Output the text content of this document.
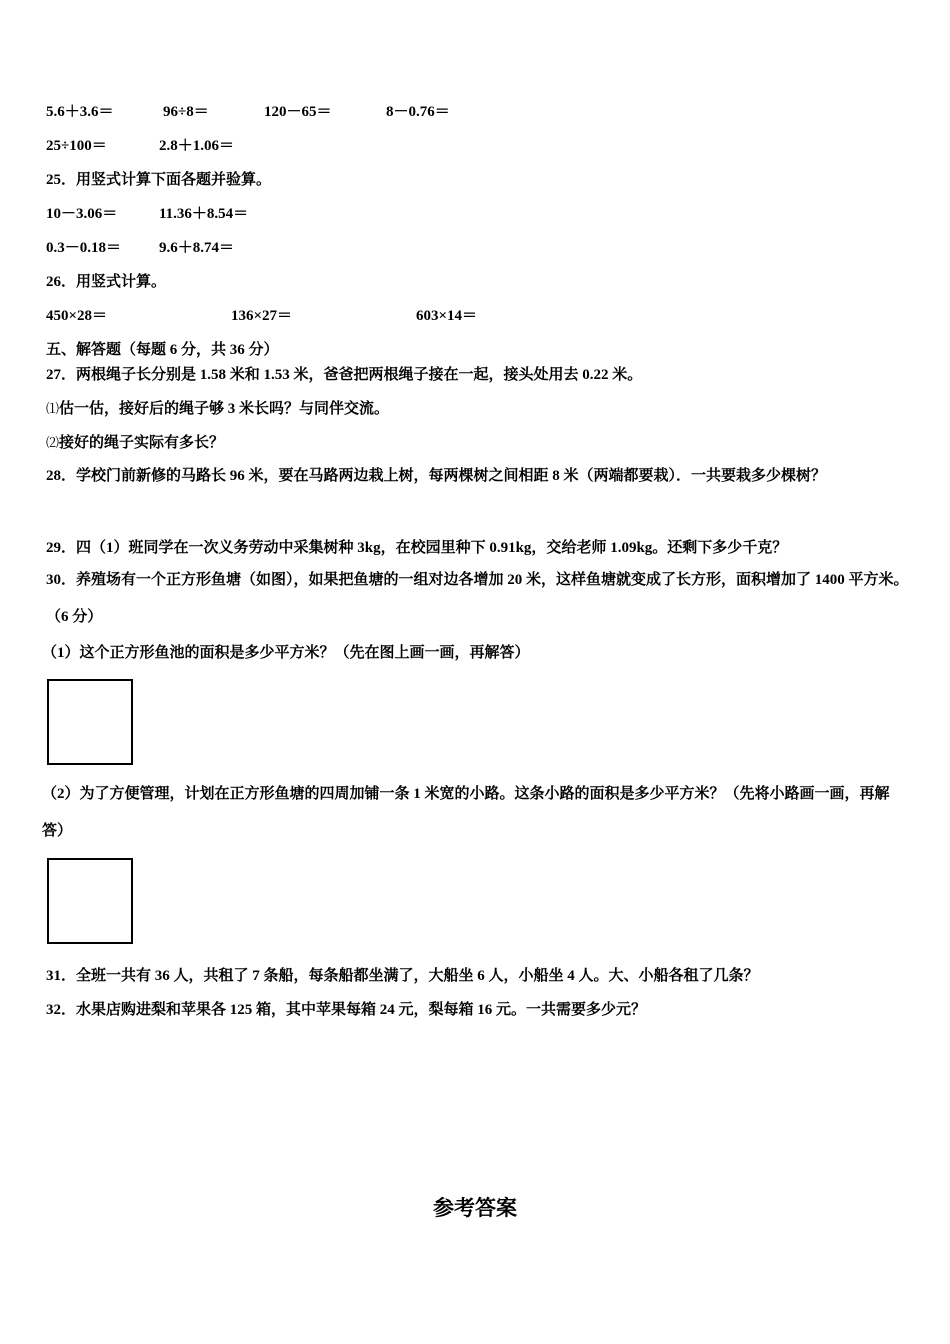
5.6＋3.6＝	96÷8＝	120－65＝	8－0.76＝
25÷100＝	2.8＋1.06＝
25．用竖式计算下面各题并验算。
10－3.06＝	11.36＋8.54＝
0.3－0.18＝	9.6＋8.74＝
26．用竖式计算。
450×28＝	136×27＝	603×14＝
五、解答题（每题 6 分，共 36 分）
27．两根绳子长分别是 1.58 米和 1.53 米，爸爸把两根绳子接在一起，接头处用去 0.22 米。
⑴估一估，接好后的绳子够 3 米长吗？与同伴交流。
⑵接好的绳子实际有多长？
28．学校门前新修的马路长 96 米，要在马路两边栽上树，每两棵树之间相距 8 米（两端都要栽）．一共要栽多少棵树？
29．四（1）班同学在一次义务劳动中采集树种 3kg，在校园里种下 0.91kg，交给老师 1.09kg。还剩下多少千克？
30．养殖场有一个正方形鱼塘（如图），如果把鱼塘的一组对边各增加 20 米，这样鱼塘就变成了长方形，面积增加了 1400 平方米。（6 分）
（1）这个正方形鱼池的面积是多少平方米？（先在图上画一画，再解答）
（2）为了方便管理，计划在正方形鱼塘的四周加铺一条 1 米宽的小路。这条小路的面积是多少平方米？（先将小路画一画，再解答）
31．全班一共有 36 人，共租了 7 条船，每条船都坐满了，大船坐 6 人，小船坐 4 人。大、小船各租了几条？
32．水果店购进梨和苹果各 125 箱，其中苹果每箱 24 元，梨每箱 16 元。一共需要多少元？
参考答案
